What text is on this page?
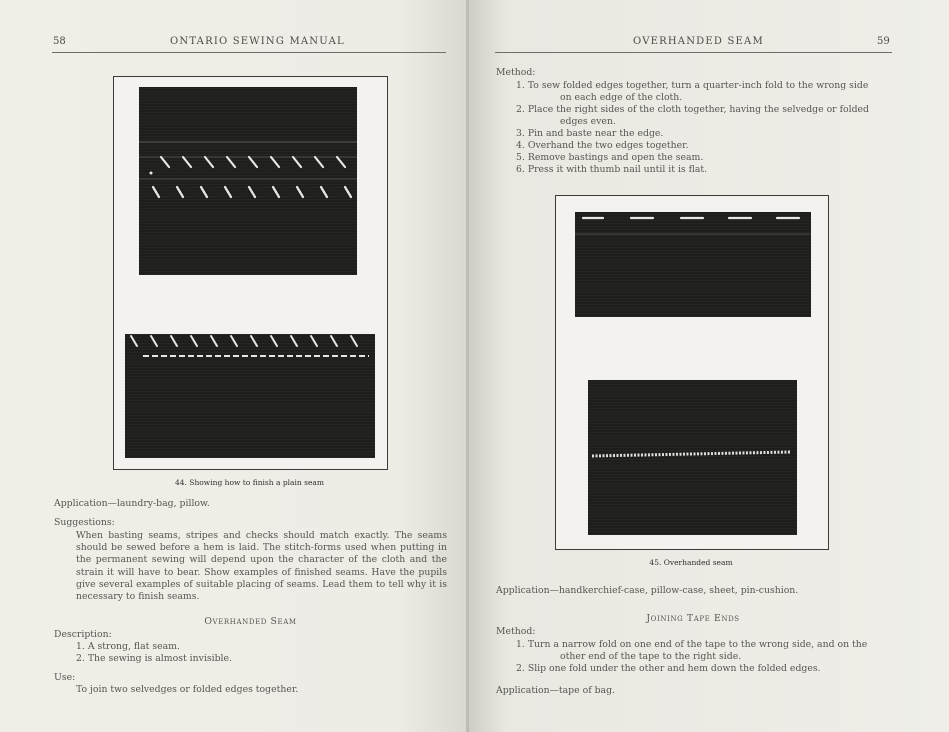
58	ONTARIO SEWING MANUAL
44. Showing how to finish a plain seam
Application—laundry-bag, pillow.
Suggestions:
When basting seams, stripes and checks should match exactly. The seams should be sewed before a hem is laid. The stitch-forms used when putting in the permanent sewing will depend upon the character of the cloth and the strain it will have to bear. Show examples of finished seams. Have the pupils give several examples of suitable placing of seams. Lead them to tell why it is necessary to finish seams.
Overhanded Seam
Description:
1. A strong, flat seam.
2. The sewing is almost invisible.
Use:
To join two selvedges or folded edges together.
OVERHANDED SEAM	59
Method:
1. To sew folded edges together, turn a quarter-inch fold to the wrong side
on each edge of the cloth.
2. Place the right sides of the cloth together, having the selvedge or folded
edges even.
3. Pin and baste near the edge.
4. Overhand the two edges together.
5. Remove bastings and open the seam.
6. Press it with thumb nail until it is flat.
45. Overhanded seam
Application—handkerchief-case, pillow-case, sheet, pin-cushion.
Joining Tape Ends
Method:
1. Turn a narrow fold on one end of the tape to the wrong side, and on the
other end of the tape to the right side.
2. Slip one fold under the other and hem down the folded edges.
Application—tape of bag.
